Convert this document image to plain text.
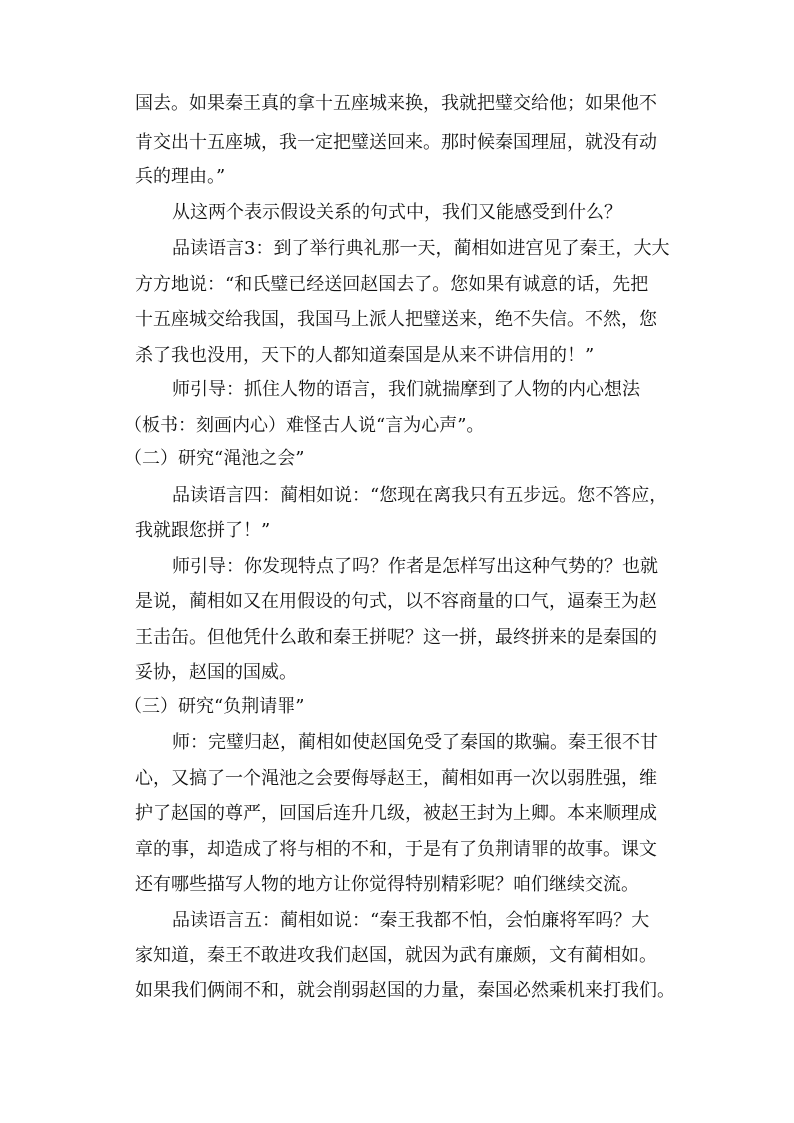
国去。如果秦王真的拿十五座城来换，我就把璧交给他；如果他不
肯交出十五座城，我一定把璧送回来。那时候秦国理屈，就没有动
兵的理由。”
从这两个表示假设关系的句式中，我们又能感受到什么？
品读语言3：到了举行典礼那一天，蔺相如进宫见了秦王，大大
方方地说：“和氏璧已经送回赵国去了。您如果有诚意的话，先把
十五座城交给我国，我国马上派人把璧送来，绝不失信。不然，您
杀了我也没用，天下的人都知道秦国是从来不讲信用的！”
师引导：抓住人物的语言，我们就揣摩到了人物的内心想法
（板书：刻画内心）难怪古人说“言为心声”。
（二）研究“渑池之会”
品读语言四：蔺相如说：“您现在离我只有五步远。您不答应，
我就跟您拼了！”
师引导：你发现特点了吗？作者是怎样写出这种气势的？也就
是说，蔺相如又在用假设的句式，以不容商量的口气，逼秦王为赵
王击缶。但他凭什么敢和秦王拼呢？这一拼，最终拼来的是秦国的
妥协，赵国的国威。
（三）研究“负荆请罪”
师：完璧归赵，蔺相如使赵国免受了秦国的欺骗。秦王很不甘
心，又搞了一个渑池之会要侮辱赵王，蔺相如再一次以弱胜强，维
护了赵国的尊严，回国后连升几级，被赵王封为上卿。本来顺理成
章的事，却造成了将与相的不和，于是有了负荆请罪的故事。课文
还有哪些描写人物的地方让你觉得特别精彩呢？咱们继续交流。
品读语言五：蔺相如说：“秦王我都不怕，会怕廉将军吗？大
家知道，秦王不敢进攻我们赵国，就因为武有廉颇，文有蔺相如。
如果我们俩闹不和，就会削弱赵国的力量，秦国必然乘机来打我们。
